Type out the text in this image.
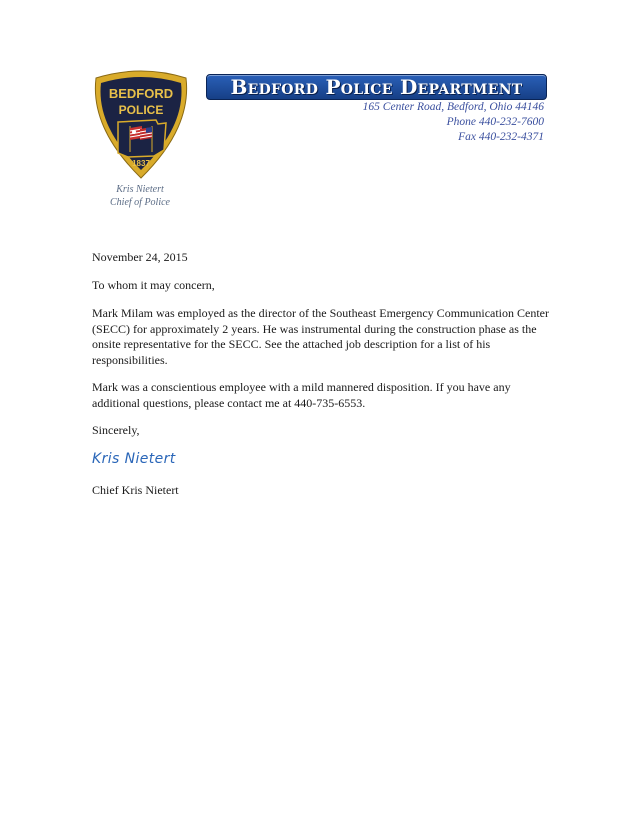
BEDFORD
POLICE
1837
Kris Nietert
Chief of Police
Bedford Police Department
165 Center Road, Bedford, Ohio 44146
Phone 440-232-7600
Fax 440-232-4371
November 24, 2015
To whom it may concern,
Mark Milam was employed as the director of the Southeast Emergency Communication Center (SECC) for approximately 2 years. He was instrumental during the construction phase as the onsite representative for the SECC. See the attached job description for a list of his responsibilities.
Mark was a conscientious employee with a mild mannered disposition. If you have any additional questions, please contact me at 440-735-6553.
Sincerely,
Kris Nietert
Chief Kris Nietert
